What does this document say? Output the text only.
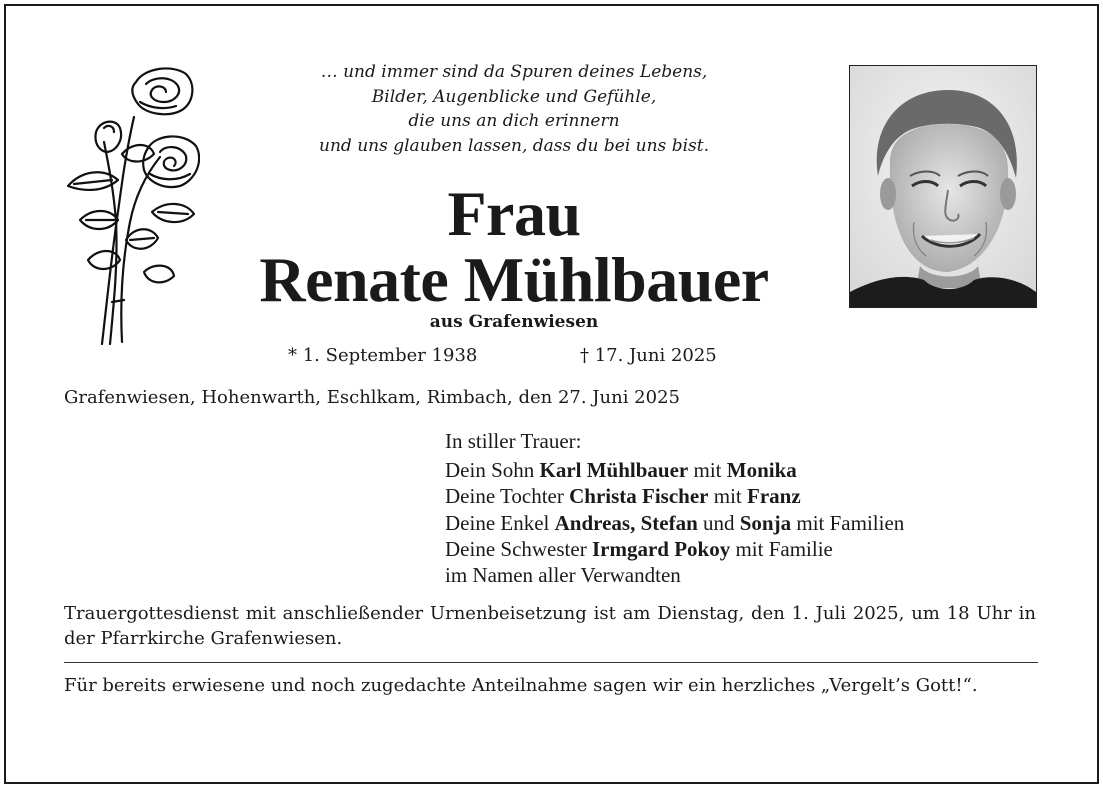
… und immer sind da Spuren deines Lebens,
Bilder, Augenblicke und Gefühle,
die uns an dich erinnern
und uns glauben lassen, dass du bei uns bist.
Frau
Renate Mühlbauer
aus Grafenwiesen
* 1. September 1938	† 17. Juni 2025
Grafenwiesen, Hohenwarth, Eschlkam, Rimbach, den 27. Juni 2025
In stiller Trauer:
Dein Sohn Karl Mühlbauer mit Monika
Deine Tochter Christa Fischer mit Franz
Deine Enkel Andreas, Stefan und Sonja mit Familien
Deine Schwester Irmgard Pokoy mit Familie
im Namen aller Verwandten
Trauergottesdienst mit anschließender Urnenbeisetzung ist am Dienstag, den 1. Juli 2025, um 18 Uhr in der Pfarrkirche Grafenwiesen.
Für bereits erwiesene und noch zugedachte Anteilnahme sagen wir ein herzliches „Vergelt’s Gott!“.
